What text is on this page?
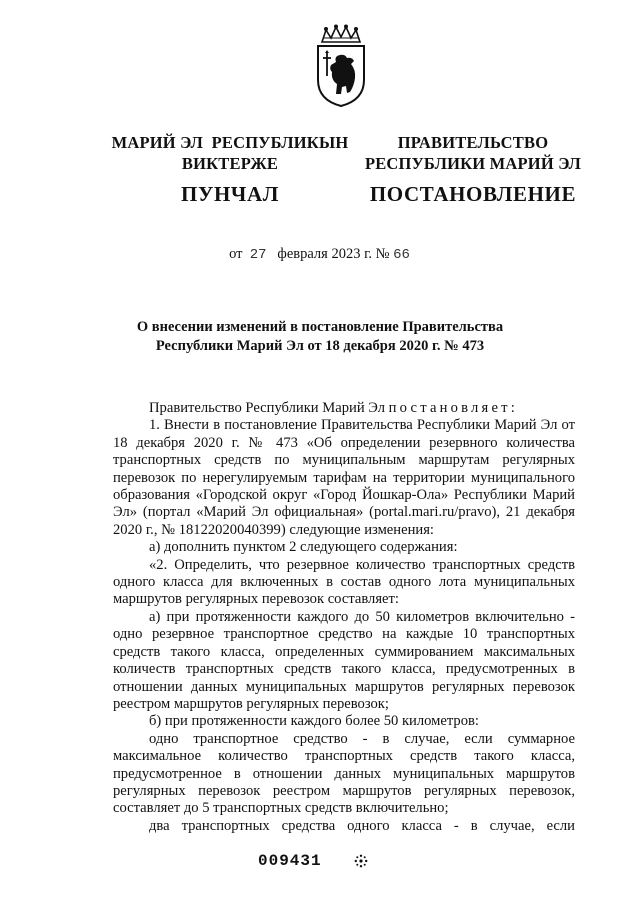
МАРИЙ ЭЛ  РЕСПУБЛИКЫН
ВИКТЕРЖЕ
ПУНЧАЛ
ПРАВИТЕЛЬСТВО
РЕСПУБЛИКИ МАРИЙ ЭЛ
ПОСТАНОВЛЕНИЕ
от 27 февраля 2023 г. № 66
О внесении изменений в постановление Правительства
Республики Марий Эл от 18 декабря 2020 г. № 473

Правительство Республики Марий Эл постановляет:

1. Внести в постановление Правительства Республики Марий Эл от 18 декабря 2020 г. № 473 «Об определении резервного количества транспортных средств по муниципальным маршрутам регулярных перевозок по нерегулируемым тарифам на территории муниципального образования «Городской округ «Город Йошкар-Ола» Республики Марий Эл» (портал «Марий Эл официальная» (portal.mari.ru/pravo), 21 декабря 2020 г., № 18122020040399) следующие изменения:

а) дополнить пунктом 2 следующего содержания:

«2. Определить, что резервное количество транспортных средств одного класса для включенных в состав одного лота муниципальных маршрутов регулярных перевозок составляет:

а) при протяженности каждого до 50 километров включительно - одно резервное транспортное средство на каждые 10 транспортных средств такого класса, определенных суммированием максимальных количеств транспортных средств такого класса, предусмотренных в отношении данных муниципальных маршрутов регулярных перевозок реестром маршрутов регулярных перевозок;

б) при протяженности каждого более 50 километров:

одно транспортное средство - в случае, если суммарное максимальное количество транспортных средств такого класса, предусмотренное в отношении данных муниципальных маршрутов регулярных перевозок реестром маршрутов регулярных перевозок, составляет до 5 транспортных средств включительно;

два транспортных средства одного класса - в случае, если

009431
